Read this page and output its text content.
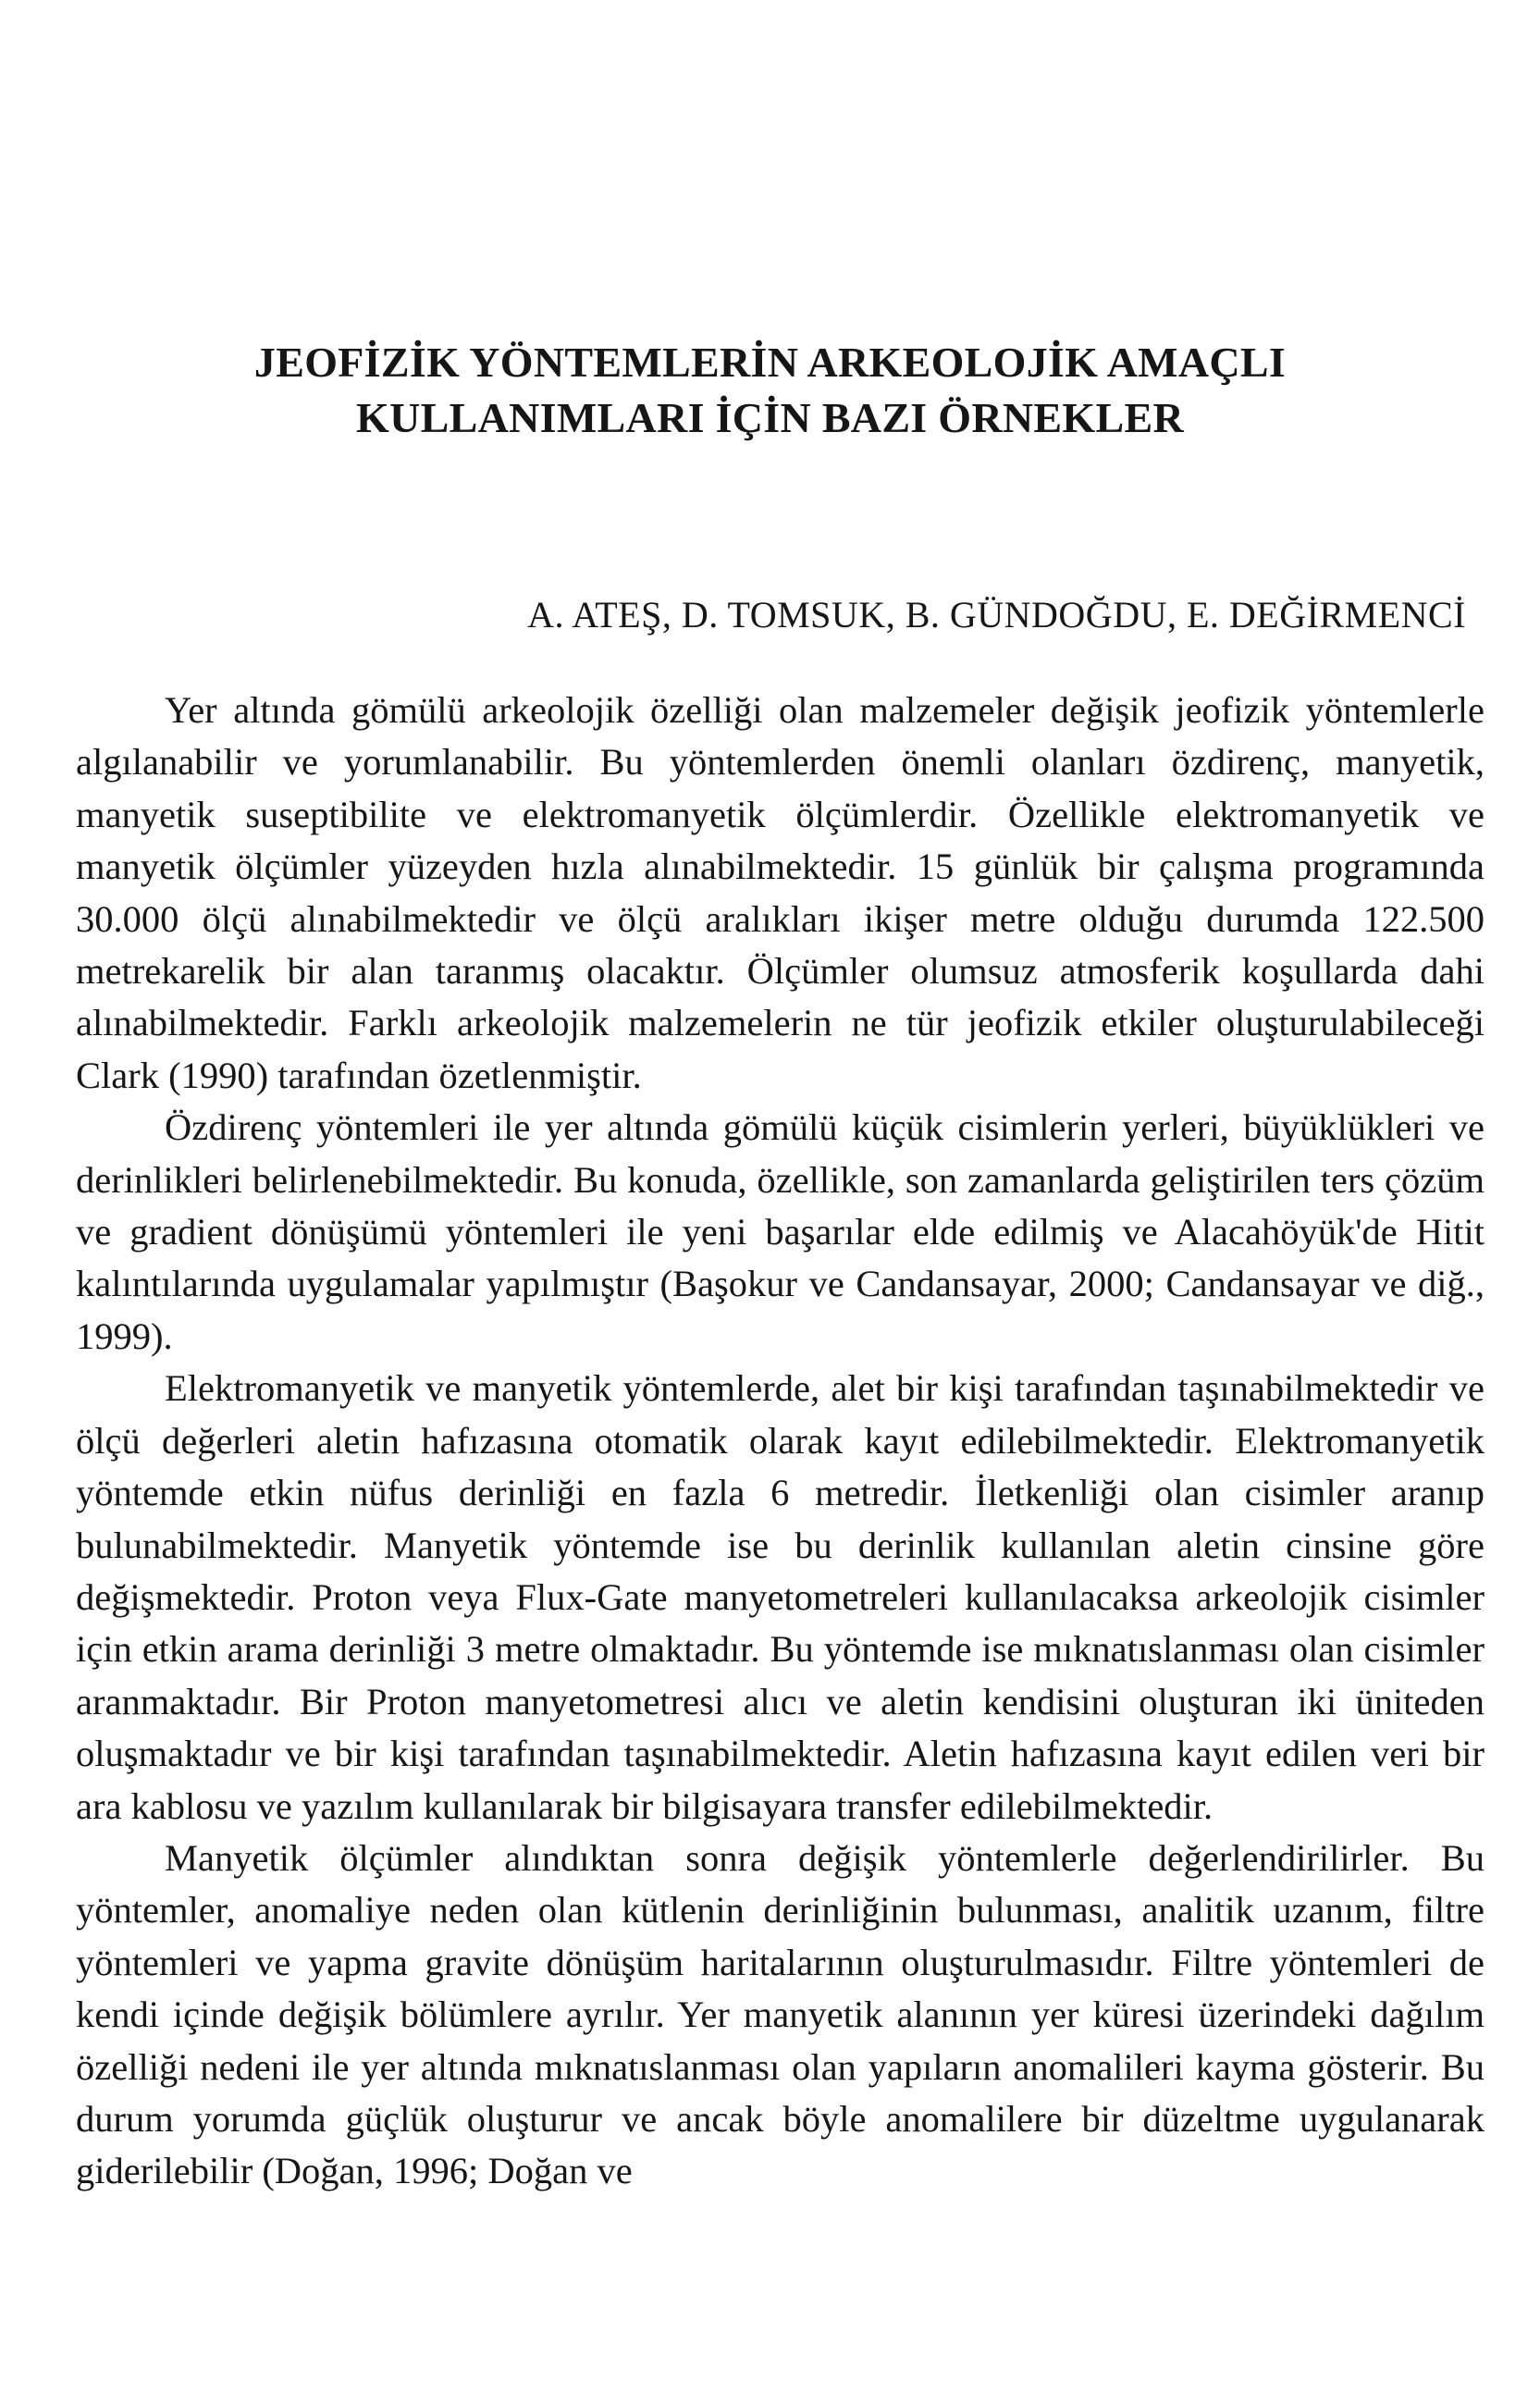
JEOFİZİK YÖNTEMLERİN ARKEOLOJİK AMAÇLI
KULLANIMLARI İÇİN BAZI ÖRNEKLER
A. ATEŞ, D. TOMSUK, B. GÜNDOĞDU, E. DEĞİRMENCİ

Yer altında gömülü arkeolojik özelliği olan malzemeler değişik jeofizik yöntemlerle algılanabilir ve yorumlanabilir. Bu yöntemlerden önemli olanları özdirenç, manyetik, manyetik suseptibilite ve elektromanyetik ölçümlerdir. Özellikle elektromanyetik ve manyetik ölçümler yüzeyden hızla alınabilmektedir. 15 günlük bir çalışma programında 30.000 ölçü alınabilmektedir ve ölçü aralıkları ikişer metre olduğu durumda 122.500 metrekarelik bir alan taranmış olacaktır. Ölçümler olumsuz atmosferik koşullarda dahi alınabilmektedir. Farklı arkeolojik malzemelerin ne tür jeofizik etkiler oluşturulabileceği Clark (1990) tarafından özetlenmiştir.

Özdirenç yöntemleri ile yer altında gömülü küçük cisimlerin yerleri, büyüklükleri ve derinlikleri belirlenebilmektedir. Bu konuda, özellikle, son zamanlarda geliştirilen ters çözüm ve gradient dönüşümü yöntemleri ile yeni başarılar elde edilmiş ve Alacahöyük'de Hitit kalıntılarında uygulamalar yapılmıştır (Başokur ve Candansayar, 2000; Candansayar ve diğ., 1999).

Elektromanyetik ve manyetik yöntemlerde, alet bir kişi tarafından taşınabilmektedir ve ölçü değerleri aletin hafızasına otomatik olarak kayıt edilebilmektedir. Elektromanyetik yöntemde etkin nüfus derinliği en fazla 6 metredir. İletkenliği olan cisimler aranıp bulunabilmektedir. Manyetik yöntemde ise bu derinlik kullanılan aletin cinsine göre değişmektedir. Proton veya Flux-Gate manyetometreleri kullanılacaksa arkeolojik cisimler için etkin arama derinliği 3 metre olmaktadır. Bu yöntemde ise mıknatıslanması olan cisimler aranmaktadır. Bir Proton manyetometresi alıcı ve aletin kendisini oluşturan iki üniteden oluşmaktadır ve bir kişi tarafından taşınabilmektedir. Aletin hafızasına kayıt edilen veri bir ara kablosu ve yazılım kullanılarak bir bilgisayara transfer edilebilmektedir.

Manyetik ölçümler alındıktan sonra değişik yöntemlerle değerlendirilirler. Bu yöntemler, anomaliye neden olan kütlenin derinliğinin bulunması, analitik uzanım, filtre yöntemleri ve yapma gravite dönüşüm haritalarının oluşturulmasıdır. Filtre yöntemleri de kendi içinde değişik bölümlere ayrılır. Yer manyetik alanının yer küresi üzerindeki dağılım özelliği nedeni ile yer altında mıknatıslanması olan yapıların anomalileri kayma gösterir. Bu durum yorumda güçlük oluşturur ve ancak böyle anomalilere bir düzeltme uygulanarak giderilebilir (Doğan, 1996; Doğan ve
